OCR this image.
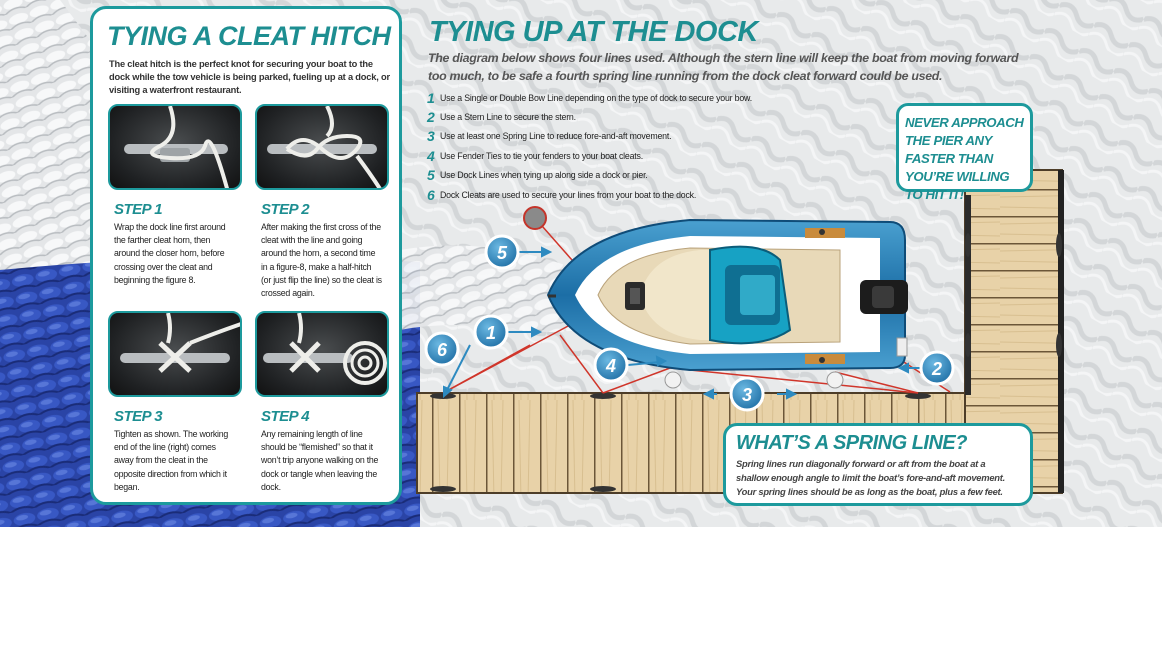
TYING A CLEAT HITCH
The cleat hitch is the perfect knot for securing your boat to the dock while the tow vehicle is being parked, fueling up at a dock, or visiting a waterfront restaurant.
STEP 1
Wrap the dock line first around the farther cleat horn, then around the closer horn, before crossing over the cleat and beginning the figure 8.
STEP 2
After making the first cross of the cleat with the line and going around the horn, a second time in a figure-8, make a half-hitch (or just flip the line) so the cleat is crossed again.
STEP 3
Tighten as shown. The working end of the line (right) comes away from the cleat in the opposite direction from which it began.
STEP 4
Any remaining length of line should be “flemished” so that it won’t trip anyone walking on the dock or tangle when leaving the dock.
5
1
6
4
3
2
TYING UP AT THE DOCK
The diagram below shows four lines used. Although the stern line will keep the boat from moving forward too much, to be safe a fourth spring line running from the dock cleat forward could be used.
1 Use a Single or Double Bow Line depending on the type of dock to secure your bow.
2 Use a Stern Line to secure the stern.
3 Use at least one Spring Line to reduce fore-and-aft movement.
4 Use Fender Ties to tie your fenders to your boat cleats.
5 Use Dock Lines when tying up along side a dock or pier.
6 Dock Cleats are used to secure your lines from your boat to the dock.
NEVER APPROACH THE PIER ANY FASTER THAN YOU’RE WILLING TO HIT IT!
WHAT’S A SPRING LINE?
Spring lines run diagonally forward or aft from the boat at a shallow enough angle to limit the boat’s fore-and-aft movement. Your spring lines should be as long as the boat, plus a few feet.
